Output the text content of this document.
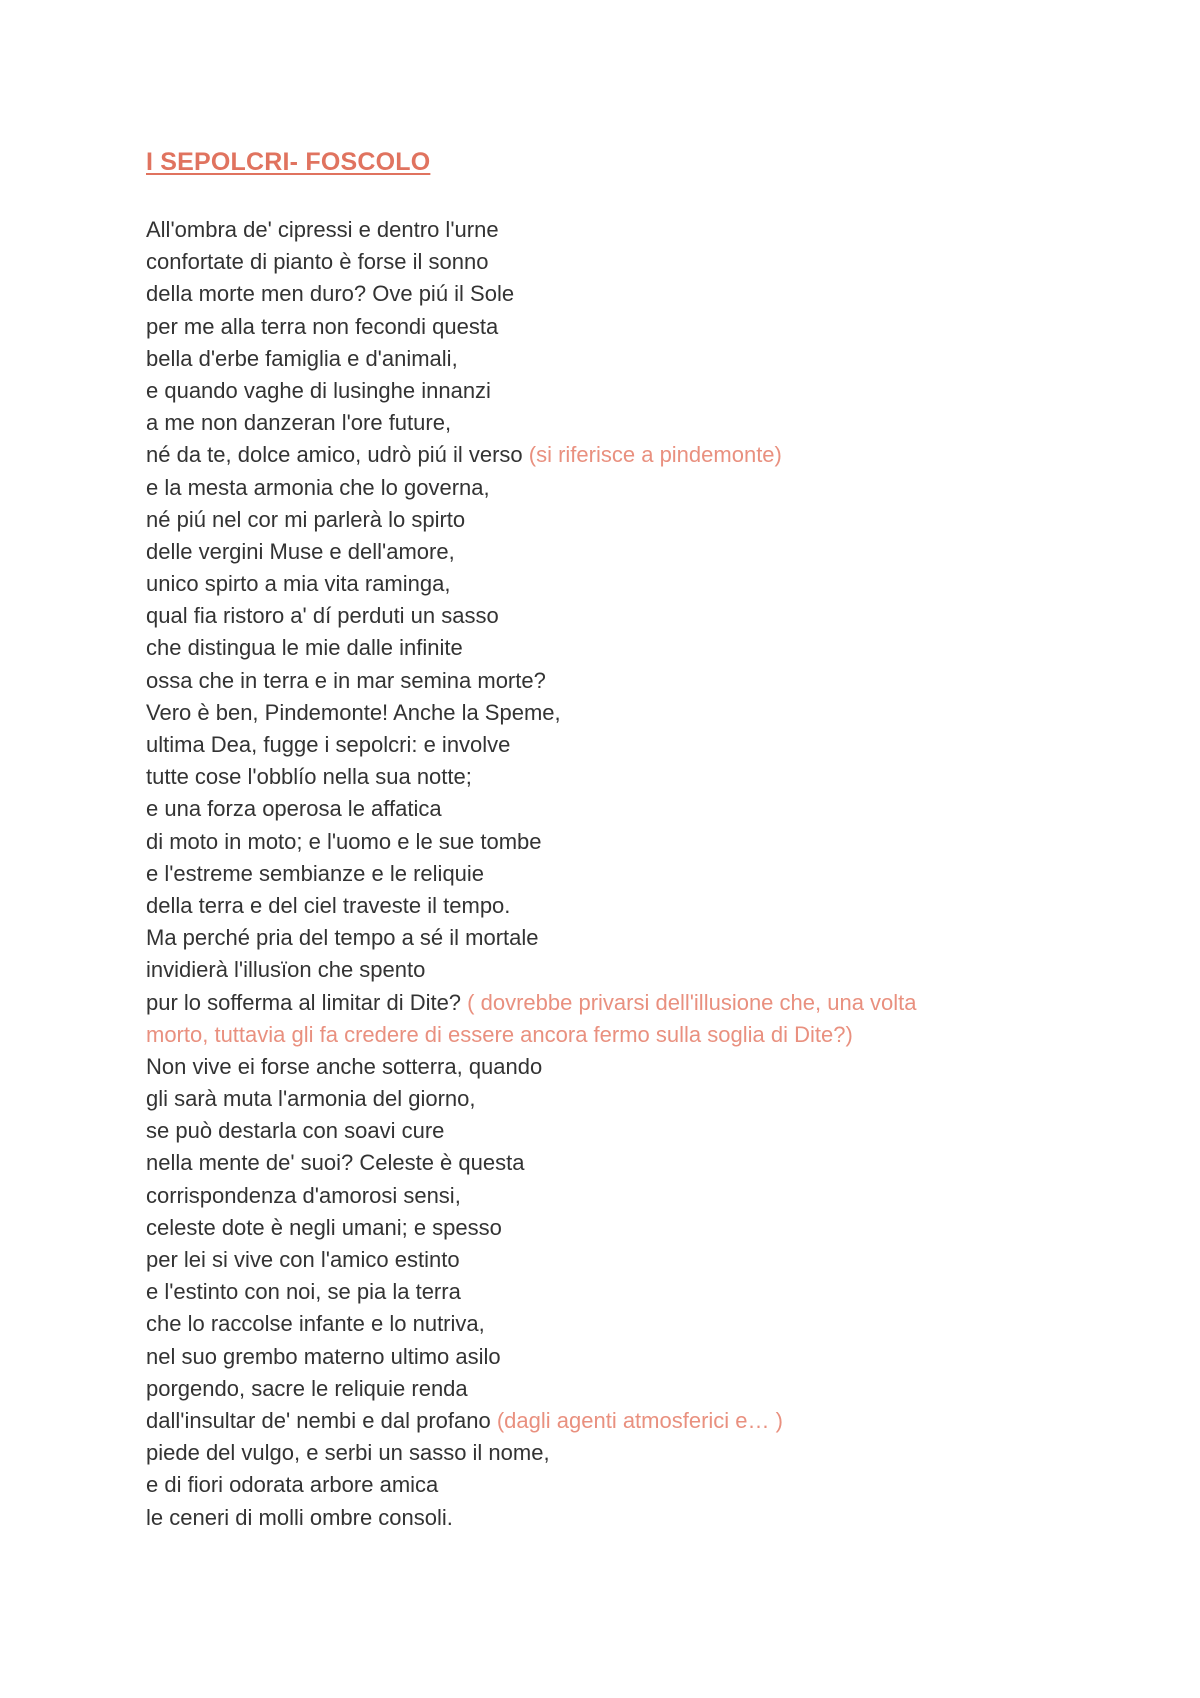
I SEPOLCRI- FOSCOLO
All'ombra de' cipressi e dentro l'urne
confortate di pianto è forse il sonno
della morte men duro? Ove piú il Sole
per me alla terra non fecondi questa
bella d'erbe famiglia e d'animali,
e quando vaghe di lusinghe innanzi
a me non danzeran l'ore future,
né da te, dolce amico, udrò piú il verso (si riferisce a pindemonte)
e la mesta armonia che lo governa,
né piú nel cor mi parlerà lo spirto
delle vergini Muse e dell'amore,
unico spirto a mia vita raminga,
qual fia ristoro a' dí perduti un sasso
che distingua le mie dalle infinite
ossa che in terra e in mar semina morte?
Vero è ben, Pindemonte! Anche la Speme,
ultima Dea, fugge i sepolcri: e involve
tutte cose l'obblío nella sua notte;
e una forza operosa le affatica
di moto in moto; e l'uomo e le sue tombe
e l'estreme sembianze e le reliquie
della terra e del ciel traveste il tempo.
Ma perché pria del tempo a sé il mortale
invidierà l'illusïon che spento
pur lo sofferma al limitar di Dite? ( dovrebbe privarsi dell'illusione che, una volta
morto, tuttavia gli fa credere di essere ancora fermo sulla soglia di Dite?)
Non vive ei forse anche sotterra, quando
gli sarà muta l'armonia del giorno,
se può destarla con soavi cure
nella mente de' suoi? Celeste è questa
corrispondenza d'amorosi sensi,
celeste dote è negli umani; e spesso
per lei si vive con l'amico estinto
e l'estinto con noi, se pia la terra
che lo raccolse infante e lo nutriva,
nel suo grembo materno ultimo asilo
porgendo, sacre le reliquie renda
dall'insultar de' nembi e dal profano (dagli agenti atmosferici e… )
piede del vulgo, e serbi un sasso il nome,
e di fiori odorata arbore amica
le ceneri di molli ombre consoli.
